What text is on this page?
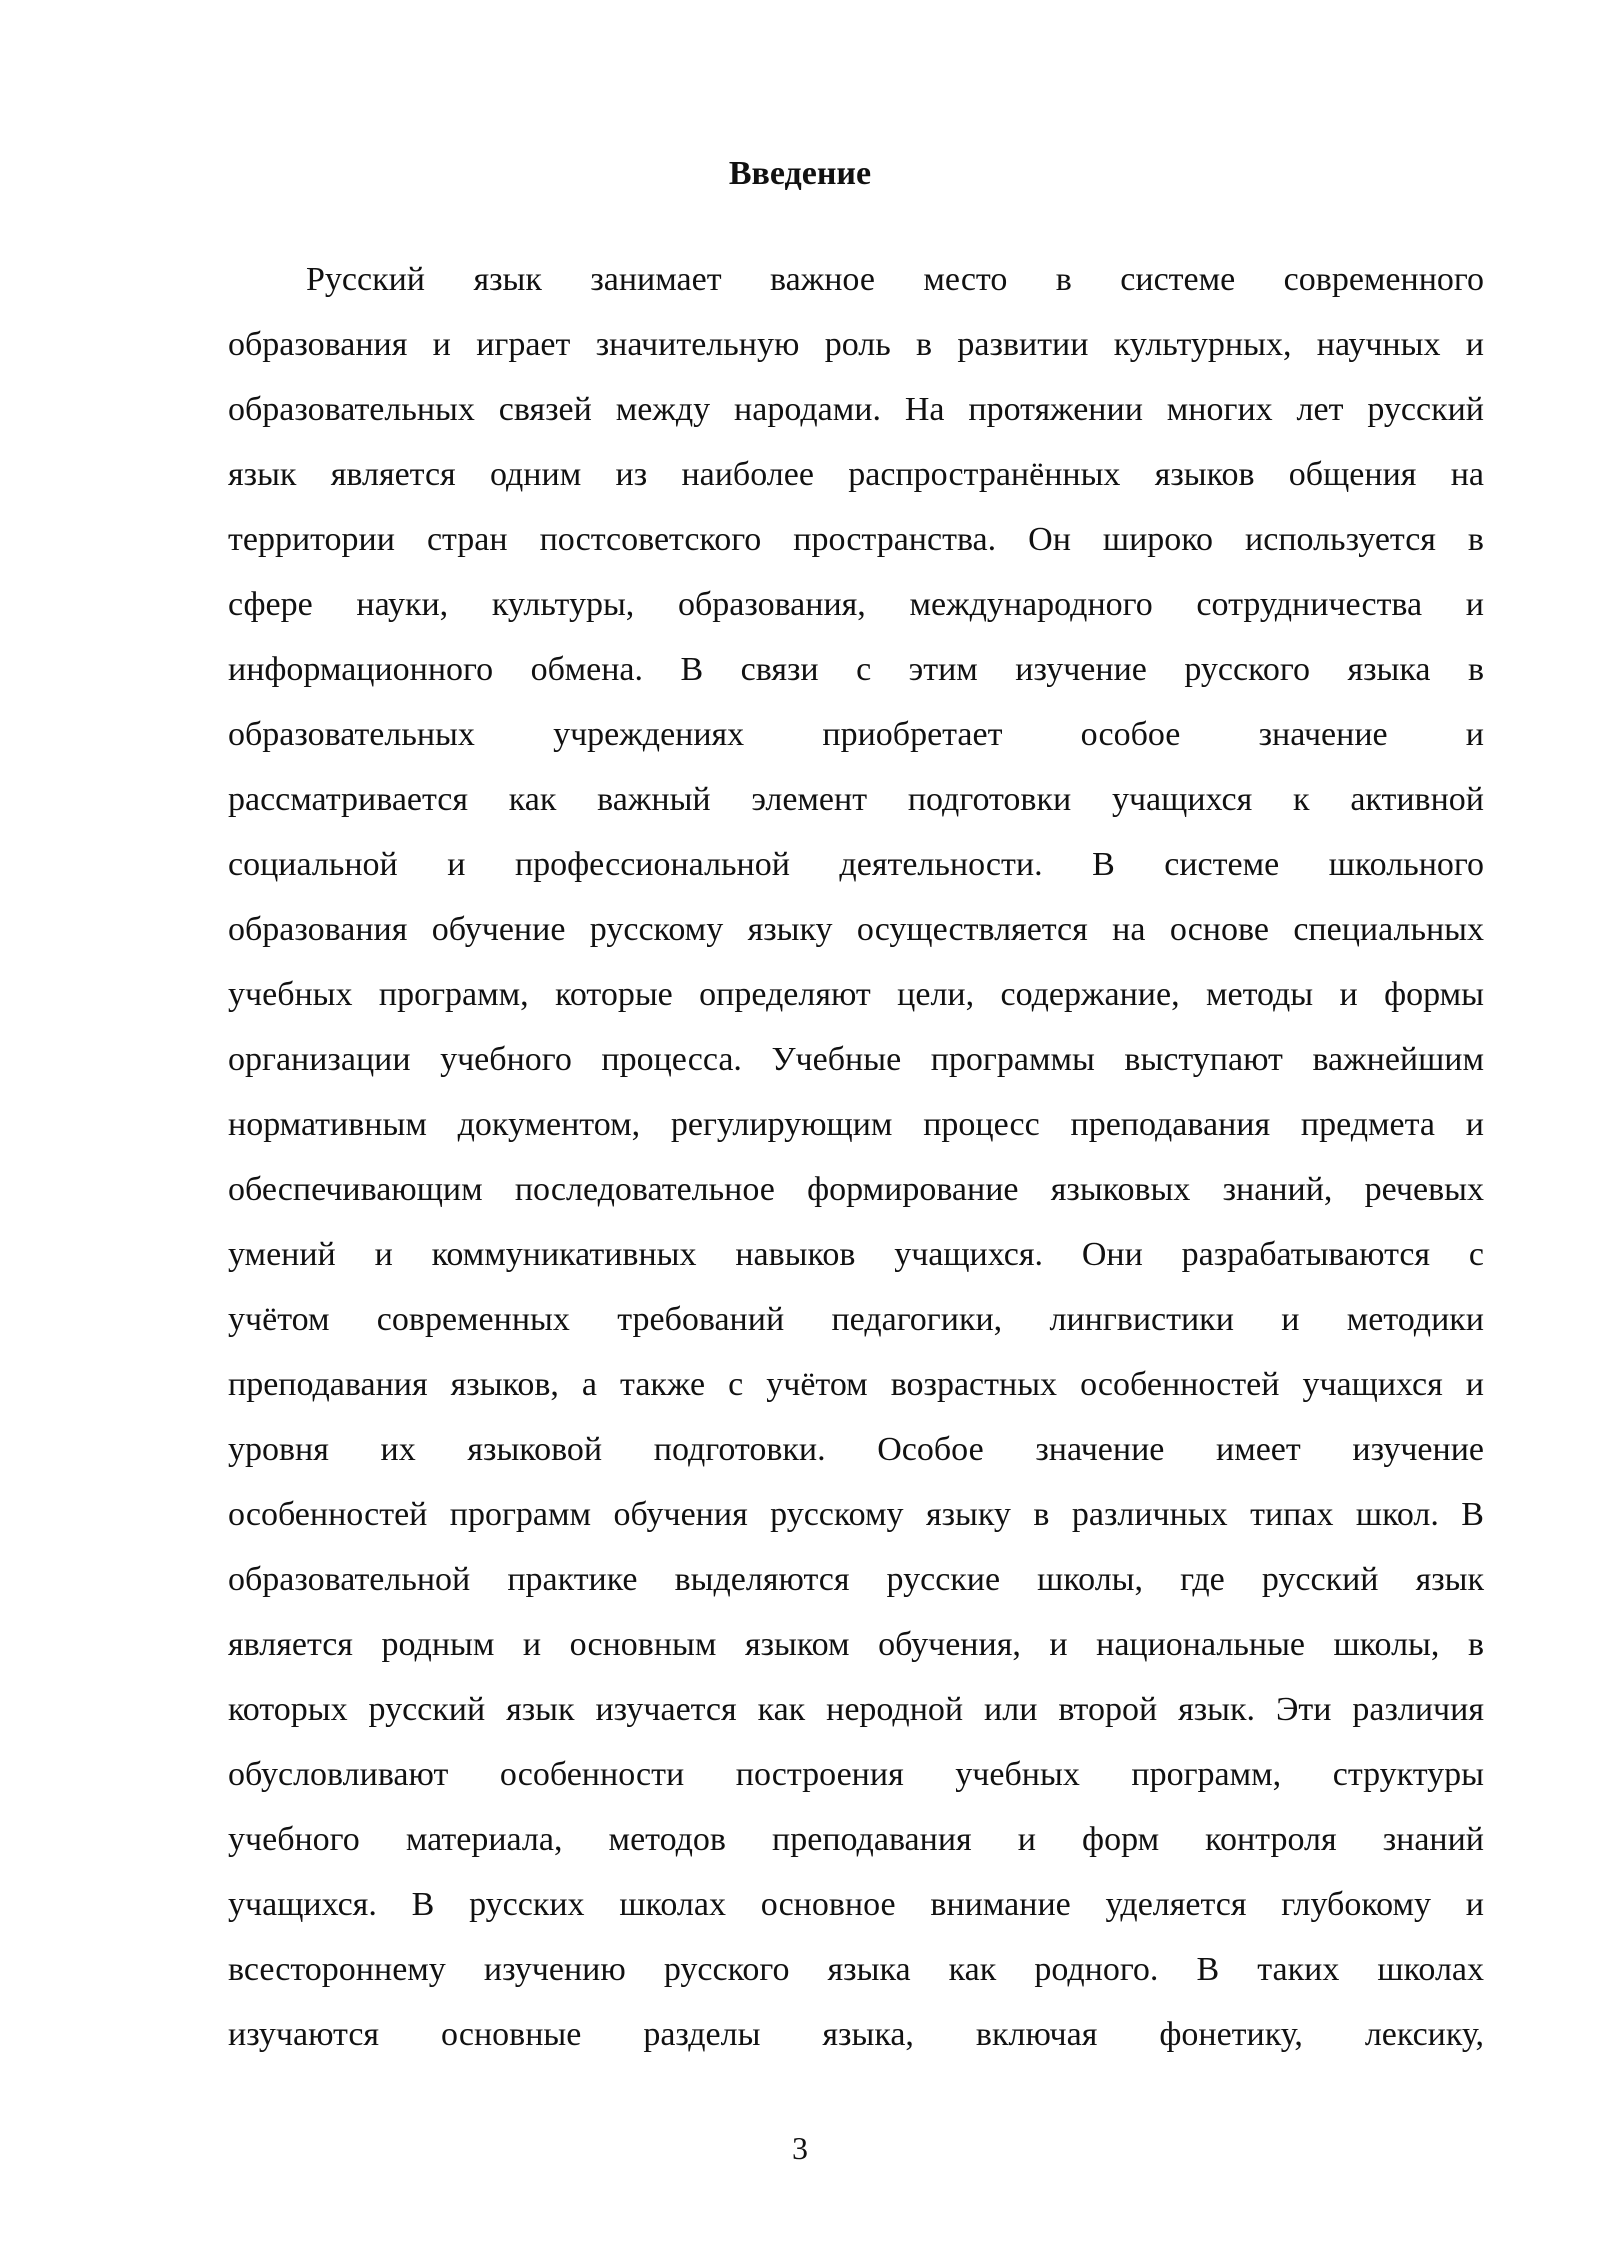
Введение
Русский язык занимает важное место в системе современного
образования и играет значительную роль в развитии культурных, научных и
образовательных связей между народами. На протяжении многих лет русский
язык является одним из наиболее распространённых языков общения на
территории стран постсоветского пространства. Он широко используется в
сфере науки, культуры, образования, международного сотрудничества и
информационного обмена. В связи с этим изучение русского языка в
образовательных учреждениях приобретает особое значение и
рассматривается как важный элемент подготовки учащихся к активной
социальной и профессиональной деятельности. В системе школьного
образования обучение русскому языку осуществляется на основе специальных
учебных программ, которые определяют цели, содержание, методы и формы
организации учебного процесса. Учебные программы выступают важнейшим
нормативным документом, регулирующим процесс преподавания предмета и
обеспечивающим последовательное формирование языковых знаний, речевых
умений и коммуникативных навыков учащихся. Они разрабатываются с
учётом современных требований педагогики, лингвистики и методики
преподавания языков, а также с учётом возрастных особенностей учащихся и
уровня их языковой подготовки. Особое значение имеет изучение
особенностей программ обучения русскому языку в различных типах школ. В
образовательной практике выделяются русские школы, где русский язык
является родным и основным языком обучения, и национальные школы, в
которых русский язык изучается как неродной или второй язык. Эти различия
обусловливают особенности построения учебных программ, структуры
учебного материала, методов преподавания и форм контроля знаний
учащихся. В русских школах основное внимание уделяется глубокому и
всестороннему изучению русского языка как родного. В таких школах
изучаются основные разделы языка, включая фонетику, лексику,
3
